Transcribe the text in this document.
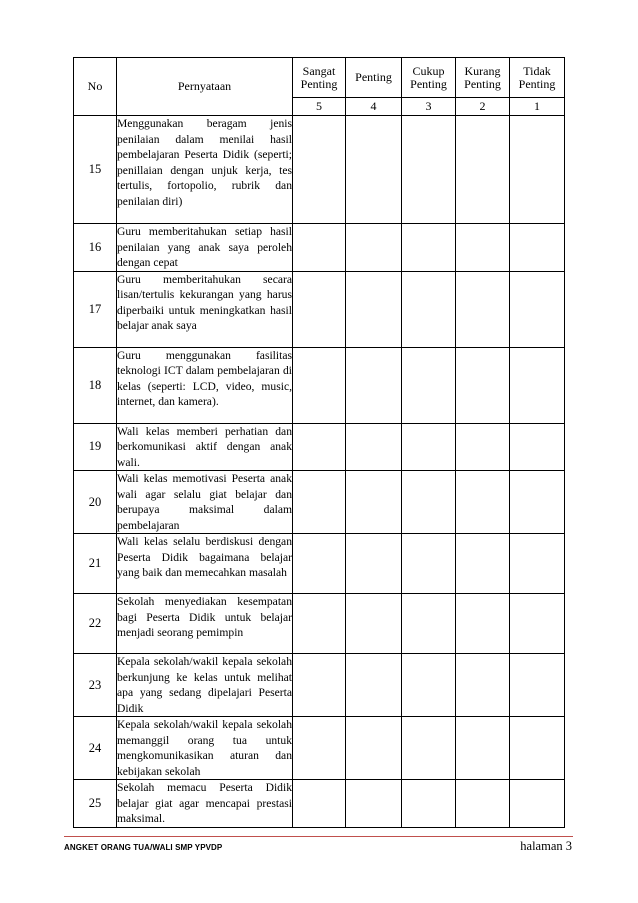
No	Pernyataan	Sangat Penting	Penting	Cukup Penting	Kurang Penting	Tidak Penting
		5	4	3	2	1
15	Menggunakan beragam jenis penilaian dalam menilai hasil pembelajaran Peserta Didik (seperti; penillaian dengan unjuk kerja, tes tertulis, fortopolio, rubrik dan penilaian diri)					
16	Guru memberitahukan setiap hasil penilaian yang anak saya peroleh dengan cepat					
17	Guru memberitahukan secara lisan/tertulis kekurangan yang harus diperbaiki untuk meningkatkan hasil belajar anak saya					
18	Guru menggunakan fasilitas teknologi ICT dalam pembelajaran di kelas (seperti: LCD, video, music, internet, dan kamera).					
19	Wali kelas memberi perhatian dan berkomunikasi aktif dengan anak wali.					
20	Wali kelas memotivasi Peserta anak wali agar selalu giat belajar dan berupaya maksimal dalam pembelajaran					
21	Wali kelas selalu berdiskusi dengan Peserta Didik bagaimana belajar yang baik dan memecahkan masalah					
22	Sekolah menyediakan kesempatan bagi Peserta Didik untuk belajar menjadi seorang pemimpin					
23	Kepala sekolah/wakil kepala sekolah berkunjung ke kelas untuk melihat apa yang sedang dipelajari Peserta Didik					
24	Kepala sekolah/wakil kepala sekolah memanggil orang tua untuk mengkomunikasikan aturan dan kebijakan sekolah					
25	Sekolah memacu Peserta Didik belajar giat agar mencapai prestasi maksimal.					
ANGKET ORANG TUA/WALI SMP YPVDP	halaman 3
